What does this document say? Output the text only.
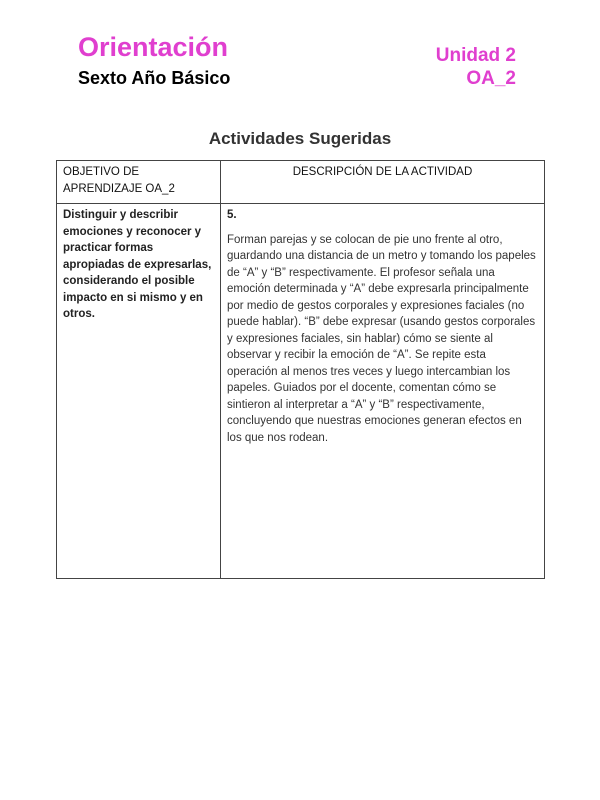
Orientación
Sexto Año Básico
Unidad 2
OA_2
Actividades Sugeridas
OBJETIVO DE APRENDIZAJE OA_2	DESCRIPCIÓN DE LA ACTIVIDAD

Distinguir y describir emociones y reconocer y practicar formas apropiadas de expresarlas, considerando el posible impacto en si mismo y en otros.	5.
Forman parejas y se colocan de pie uno frente al otro, guardando una distancia de un metro y tomando los papeles de “A” y “B” respectivamente. El profesor señala una emoción determinada y “A” debe expresarla principalmente por medio de gestos corporales y expresiones faciales (no puede hablar). “B” debe expresar (usando gestos corporales y expresiones faciales, sin hablar) cómo se siente al observar y recibir la emoción de “A”. Se repite esta operación al menos tres veces y luego intercambian los papeles. Guiados por el docente, comentan cómo se sintieron al interpretar a “A” y “B” respectivamente, concluyendo que nuestras emociones generan efectos en los que nos rodean.
